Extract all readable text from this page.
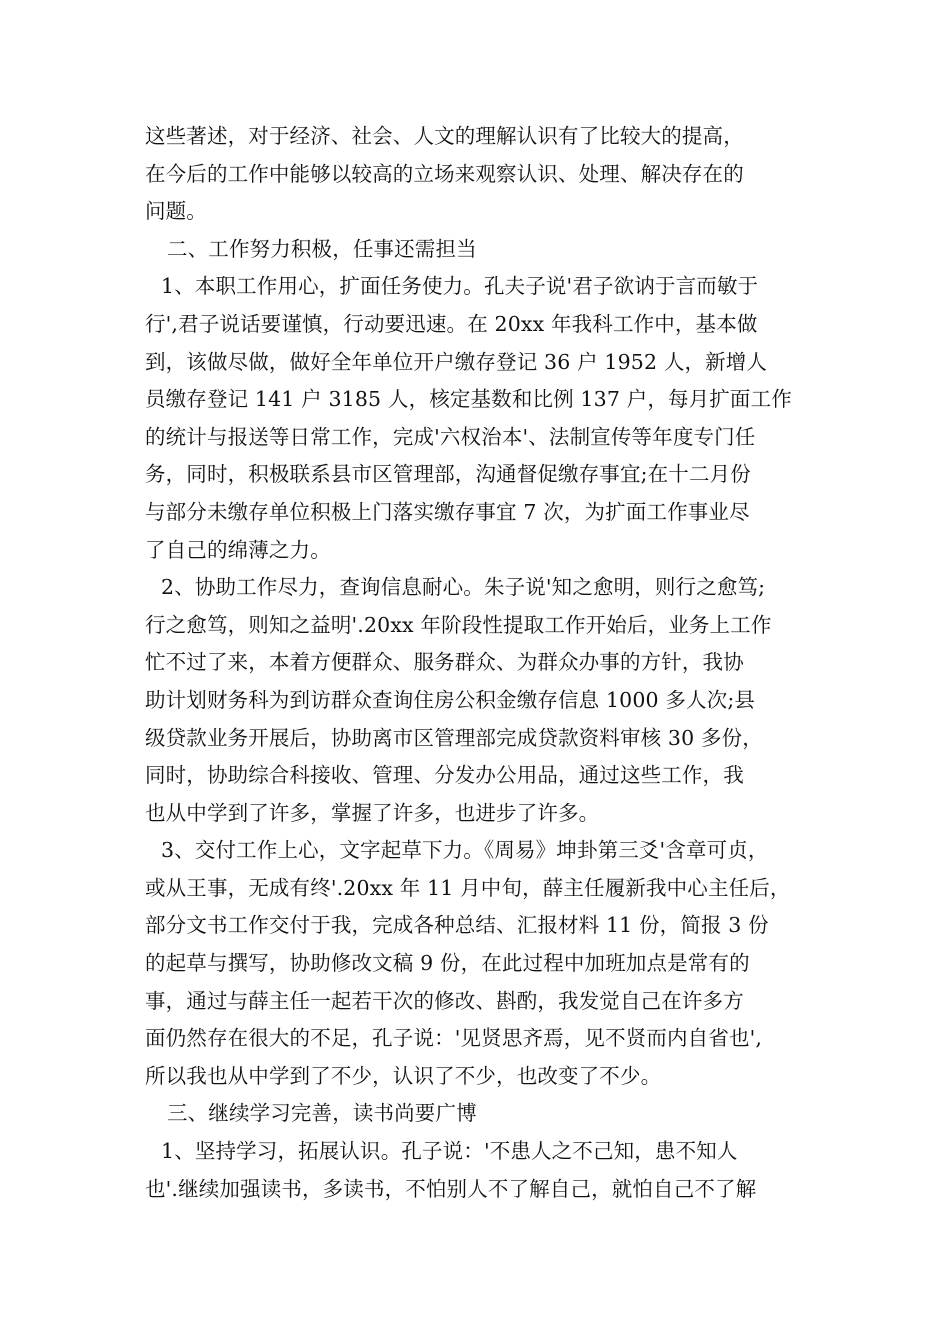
这些著述，对于经济、社会、人文的理解认识有了比较大的提高，
在今后的工作中能够以较高的立场来观察认识、处理、解决存在的
问题。
二、工作努力积极，任事还需担当
1、本职工作用心，扩面任务使力。孔夫子说'君子欲讷于言而敏于
行',君子说话要谨慎，行动要迅速。在 20xx 年我科工作中，基本做
到，该做尽做，做好全年单位开户缴存登记 36 户 1952 人，新增人
员缴存登记 141 户 3185 人，核定基数和比例 137 户，每月扩面工作
的统计与报送等日常工作，完成'六权治本'、法制宣传等年度专门任
务，同时，积极联系县市区管理部，沟通督促缴存事宜;在十二月份
与部分未缴存单位积极上门落实缴存事宜 7 次，为扩面工作事业尽
了自己的绵薄之力。
2、协助工作尽力，查询信息耐心。朱子说'知之愈明，则行之愈笃;
行之愈笃，则知之益明'.20xx 年阶段性提取工作开始后，业务上工作
忙不过了来，本着方便群众、服务群众、为群众办事的方针，我协
助计划财务科为到访群众查询住房公积金缴存信息 1000 多人次;县
级贷款业务开展后，协助离市区管理部完成贷款资料审核 30 多份，
同时，协助综合科接收、管理、分发办公用品，通过这些工作，我
也从中学到了许多，掌握了许多，也进步了许多。
3、交付工作上心，文字起草下力。《周易》坤卦第三爻'含章可贞，
或从王事，无成有终'.20xx 年 11 月中旬，薛主任履新我中心主任后，
部分文书工作交付于我，完成各种总结、汇报材料 11 份，简报 3 份
的起草与撰写，协助修改文稿 9 份，在此过程中加班加点是常有的
事，通过与薛主任一起若干次的修改、斟酌，我发觉自己在许多方
面仍然存在很大的不足，孔子说：'见贤思齐焉，见不贤而内自省也',
所以我也从中学到了不少，认识了不少，也改变了不少。
三、继续学习完善，读书尚要广博
1、坚持学习，拓展认识。孔子说：'不患人之不己知，患不知人
也'.继续加强读书，多读书，不怕别人不了解自己，就怕自己不了解
